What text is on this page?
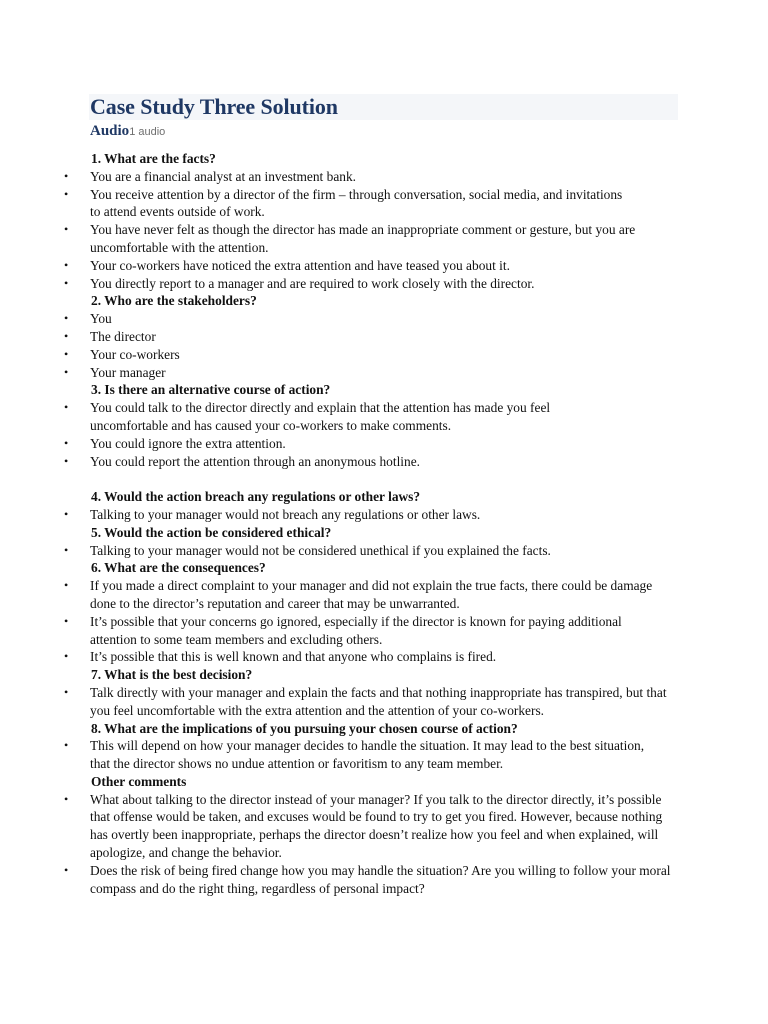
Case Study Three Solution
Audio1 audio
1. What are the facts?
• You are a financial analyst at an investment bank.
• You receive attention by a director of the firm – through conversation, social media, and invitations to attend events outside of work.
• You have never felt as though the director has made an inappropriate comment or gesture, but you are uncomfortable with the attention.
• Your co-workers have noticed the extra attention and have teased you about it.
• You directly report to a manager and are required to work closely with the director.
2. Who are the stakeholders?
• You
• The director
• Your co-workers
• Your manager
3. Is there an alternative course of action?
• You could talk to the director directly and explain that the attention has made you feel uncomfortable and has caused your co-workers to make comments.
• You could ignore the extra attention.
• You could report the attention through an anonymous hotline.
4. Would the action breach any regulations or other laws?
• Talking to your manager would not breach any regulations or other laws.
5. Would the action be considered ethical?
• Talking to your manager would not be considered unethical if you explained the facts.
6. What are the consequences?
• If you made a direct complaint to your manager and did not explain the true facts, there could be damage done to the director’s reputation and career that may be unwarranted.
• It’s possible that your concerns go ignored, especially if the director is known for paying additional attention to some team members and excluding others.
• It’s possible that this is well known and that anyone who complains is fired.
7. What is the best decision?
• Talk directly with your manager and explain the facts and that nothing inappropriate has transpired, but that you feel uncomfortable with the extra attention and the attention of your co-workers.
8. What are the implications of you pursuing your chosen course of action?
• This will depend on how your manager decides to handle the situation. It may lead to the best situation, that the director shows no undue attention or favoritism to any team member.
Other comments
• What about talking to the director instead of your manager? If you talk to the director directly, it’s possible that offense would be taken, and excuses would be found to try to get you fired. However, because nothing has overtly been inappropriate, perhaps the director doesn’t realize how you feel and when explained, will apologize, and change the behavior.
• Does the risk of being fired change how you may handle the situation? Are you willing to follow your moral compass and do the right thing, regardless of personal impact?
